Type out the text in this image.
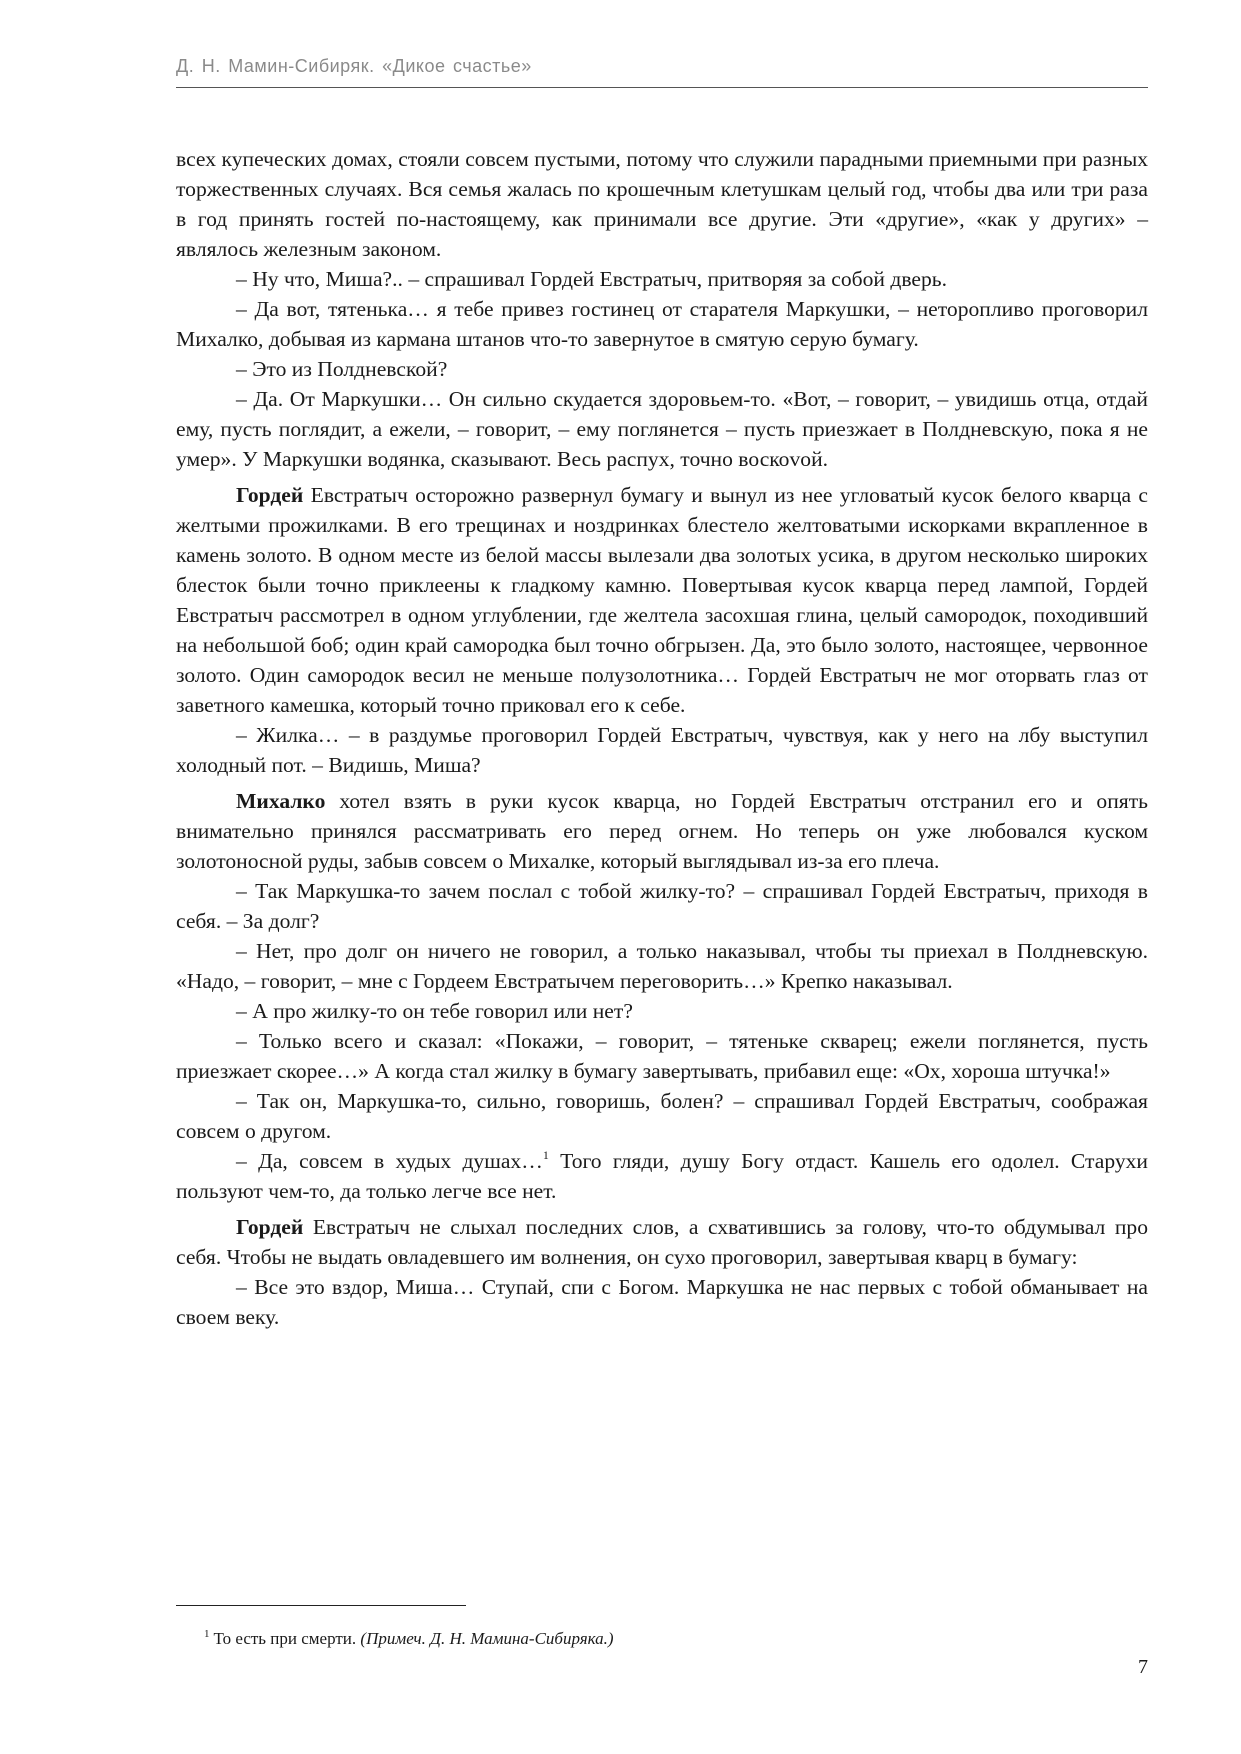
Д. Н. Мамин-Сибиряк. «Дикое счастье»

всех купеческих домах, стояли совсем пустыми, потому что служили парадными приемными при разных торжественных случаях. Вся семья жалась по крошечным клетушкам целый год, чтобы два или три раза в год принять гостей по-настоящему, как принимали все другие. Эти «другие», «как у других» – являлось железным законом.

– Ну что, Миша?.. – спрашивал Гордей Евстратыч, притворяя за собой дверь.

– Да вот, тятенька… я тебе привез гостинец от старателя Маркушки, – неторопливо проговорил Михалко, добывая из кармана штанов что-то завернутое в смятую серую бумагу.

– Это из Полдневской?

– Да. От Маркушки… Он сильно скудается здоровьем-то. «Вот, – говорит, – увидишь отца, отдай ему, пусть поглядит, а ежели, – говорит, – ему поглянется – пусть приезжает в Полдневскую, пока я не умер». У Маркушки водянка, сказывают. Весь распух, точно воскоvой.

Гордей Евстратыч осторожно развернул бумагу и вынул из нее угловатый кусок белого кварца с желтыми прожилками. В его трещинах и ноздринках блестело желтоватыми искорками вкрапленное в камень золото. В одном месте из белой массы вылезали два золотых усика, в другом несколько широких блесток были точно приклеены к гладкому камню. Повертывая кусок кварца перед лампой, Гордей Евстратыч рассмотрел в одном углублении, где желтела засохшая глина, целый самородок, походивший на небольшой боб; один край самородка был точно обгрызен. Да, это было золото, настоящее, червонное золото. Один самородок весил не меньше полузолотника… Гордей Евстратыч не мог оторвать глаз от заветного камешка, который точно приковал его к себе.

– Жилка… – в раздумье проговорил Гордей Евстратыч, чувствуя, как у него на лбу выступил холодный пот. – Видишь, Миша?

Михалко хотел взять в руки кусок кварца, но Гордей Евстратыч отстранил его и опять внимательно принялся рассматривать его перед огнем. Но теперь он уже любовался куском золотоносной руды, забыв совсем о Михалке, который выглядывал из-за его плеча.

– Так Маркушка-то зачем послал с тобой жилку-то? – спрашивал Гордей Евстратыч, приходя в себя. – За долг?

– Нет, про долг он ничего не говорил, а только наказывал, чтобы ты приехал в Полдневскую. «Надо, – говорит, – мне с Гордеем Евстратычем переговорить…» Крепко наказывал.

– А про жилку-то он тебе говорил или нет?

– Только всего и сказал: «Покажи, – говорит, – тятеньке скварец; ежели поглянется, пусть приезжает скорее…» А когда стал жилку в бумагу завертывать, прибавил еще: «Ох, хороша штучка!»

– Так он, Маркушка-то, сильно, говоришь, болен? – спрашивал Гордей Евстратыч, соображая совсем о другом.

– Да, совсем в худых душах…$^1$ Того гляди, душу Богу отдаст. Кашель его одолел. Старухи пользуют чем-то, да только легче все нет.

Гордей Евстратыч не слыхал последних слов, а схватившись за голову, что-то обдумывал про себя. Чтобы не выдать овладевшего им волнения, он сухо проговорил, завертывая кварц в бумагу:

– Все это вздор, Миша… Ступай, спи с Богом. Маркушка не нас первых с тобой обманывает на своем веку.

$^1$ То есть при смерти. (Примеч. Д. Н. Мамина-Сибиряка.)
7
